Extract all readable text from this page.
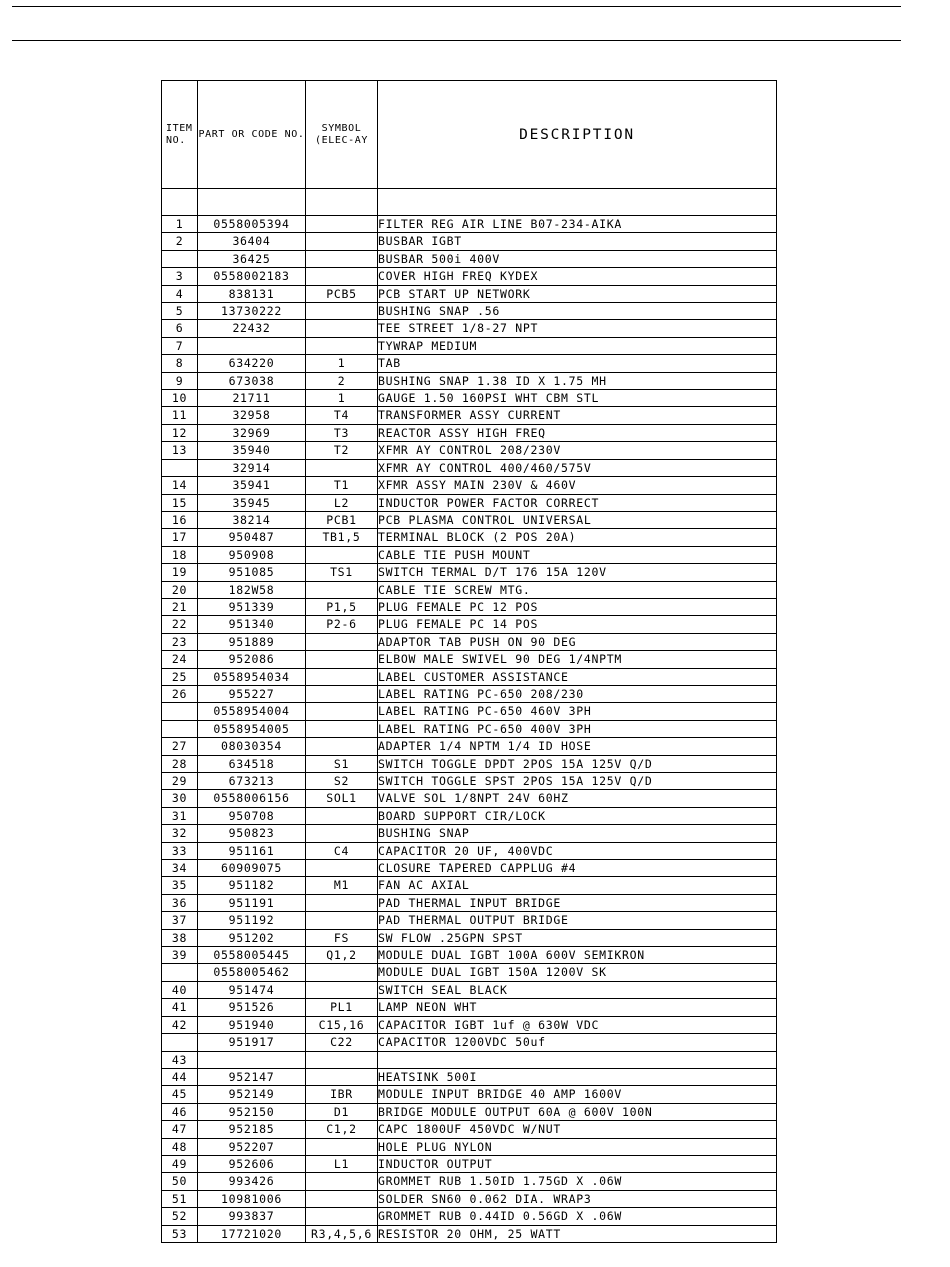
ITEM NO.	PART OR CODE NO.	SYMBOL (ELEC-AY	DESCRIPTION

1	0558005394		FILTER REG AIR LINE B07-234-AIKA
2	36404		BUSBAR IGBT
	36425		BUSBAR 500i 400V
3	0558002183		COVER HIGH FREQ KYDEX
4	838131	PCB5	PCB START UP NETWORK
5	13730222		BUSHING SNAP .56
6	22432		TEE STREET 1/8-27 NPT
7			TYWRAP MEDIUM
8	634220	1	TAB
9	673038	2	BUSHING SNAP 1.38 ID X 1.75 MH
10	21711	1	GAUGE 1.50 160PSI WHT CBM STL
11	32958	T4	TRANSFORMER ASSY CURRENT
12	32969	T3	REACTOR ASSY HIGH FREQ
13	35940	T2	XFMR AY CONTROL 208/230V
	32914		XFMR AY CONTROL 400/460/575V
14	35941	T1	XFMR ASSY MAIN 230V & 460V
15	35945	L2	INDUCTOR POWER FACTOR CORRECT
16	38214	PCB1	PCB PLASMA CONTROL UNIVERSAL
17	950487	TB1,5	TERMINAL BLOCK (2 POS 20A)
18	950908		CABLE TIE PUSH MOUNT
19	951085	TS1	SWITCH TERMAL D/T 176 15A 120V
20	182W58		CABLE TIE SCREW MTG.
21	951339	P1,5	PLUG FEMALE PC 12 POS
22	951340	P2-6	PLUG FEMALE PC 14 POS
23	951889		ADAPTOR TAB PUSH ON 90 DEG
24	952086		ELBOW MALE SWIVEL 90 DEG 1/4NPTM
25	0558954034		LABEL CUSTOMER ASSISTANCE
26	955227		LABEL RATING PC-650 208/230
	0558954004		LABEL RATING PC-650 460V 3PH
	0558954005		LABEL RATING PC-650 400V 3PH
27	08030354		ADAPTER 1/4 NPTM 1/4 ID HOSE
28	634518	S1	SWITCH TOGGLE DPDT 2POS 15A 125V Q/D
29	673213	S2	SWITCH TOGGLE SPST 2POS 15A 125V Q/D
30	0558006156	SOL1	VALVE SOL 1/8NPT 24V 60HZ
31	950708		BOARD SUPPORT CIR/LOCK
32	950823		BUSHING SNAP
33	951161	C4	CAPACITOR 20 UF, 400VDC
34	60909075		CLOSURE TAPERED CAPPLUG #4
35	951182	M1	FAN AC AXIAL
36	951191		PAD THERMAL INPUT BRIDGE
37	951192		PAD THERMAL OUTPUT BRIDGE
38	951202	FS	SW FLOW .25GPN SPST
39	0558005445	Q1,2	MODULE DUAL IGBT 100A 600V SEMIKRON
	0558005462		MODULE DUAL IGBT 150A 1200V SK
40	951474		SWITCH SEAL BLACK
41	951526	PL1	LAMP NEON WHT
42	951940	C15,16	CAPACITOR IGBT 1uf @ 630W VDC
	951917	C22	CAPACITOR 1200VDC 50uf
43			
44	952147		HEATSINK 500I
45	952149	IBR	MODULE INPUT BRIDGE 40 AMP 1600V
46	952150	D1	BRIDGE MODULE OUTPUT 60A @ 600V 100N
47	952185	C1,2	CAPC 1800UF 450VDC W/NUT
48	952207		HOLE PLUG NYLON
49	952606	L1	INDUCTOR OUTPUT
50	993426		GROMMET RUB 1.50ID 1.75GD X .06W
51	10981006		SOLDER SN60 0.062 DIA. WRAP3
52	993837		GROMMET RUB 0.44ID 0.56GD X .06W
53	17721020	R3,4,5,6	RESISTOR 20 OHM, 25 WATT
